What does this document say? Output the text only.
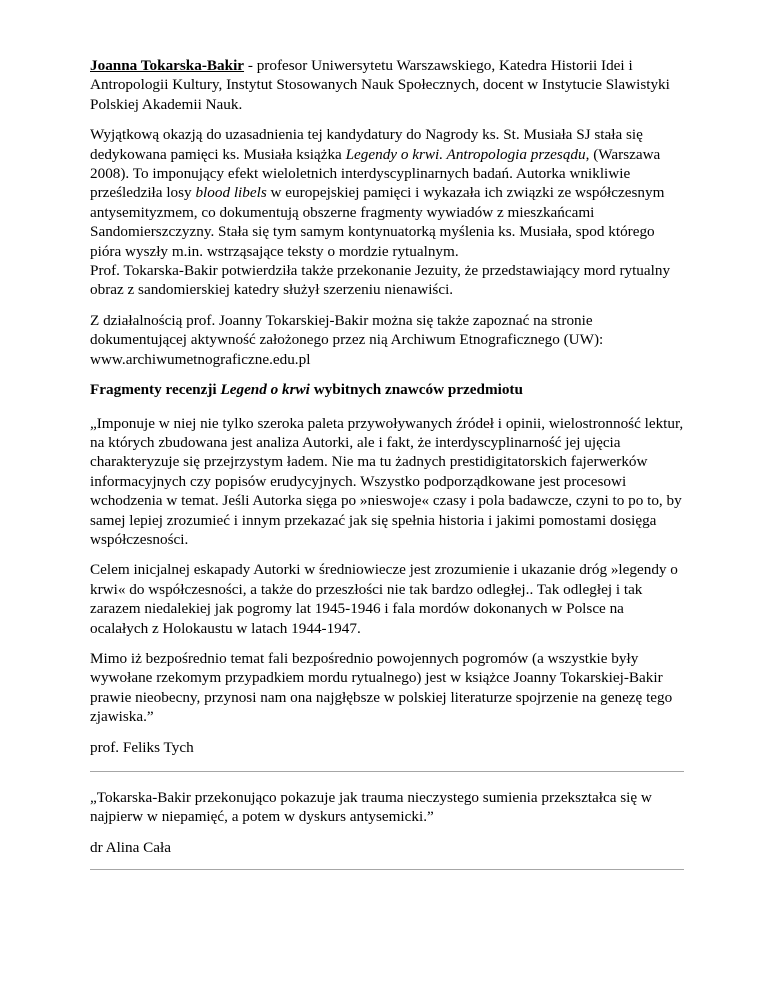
Joanna Tokarska-Bakir - profesor Uniwersytetu Warszawskiego, Katedra Historii Idei i Antropologii Kultury, Instytut Stosowanych Nauk Społecznych, docent w Instytucie Slawistyki Polskiej Akademii Nauk.

Wyjątkową okazją do uzasadnienia tej kandydatury do Nagrody ks. St. Musiała SJ stała się dedykowana pamięci ks. Musiała książka Legendy o krwi. Antropologia przesądu, (Warszawa 2008). To imponujący efekt wieloletnich interdyscyplinarnych badań. Autorka wnikliwie prześledziła losy blood libels w europejskiej pamięci i wykazała ich związki ze współczesnym antysemityzmem, co dokumentują obszerne fragmenty wywiadów z mieszkańcami Sandomierszczyzny. Stała się tym samym kontynuatorką myślenia ks. Musiała, spod którego pióra wyszły m.in. wstrząsające teksty o mordzie rytualnym.
Prof. Tokarska-Bakir potwierdziła także przekonanie Jezuity, że przedstawiający mord rytualny obraz z sandomierskiej katedry służył szerzeniu nienawiści.

Z działalnością prof. Joanny Tokarskiej-Bakir można się także zapoznać na stronie dokumentującej aktywność założonego przez nią Archiwum Etnograficznego (UW):
www.archiwumetnograficzne.edu.pl

Fragmenty recenzji Legend o krwi wybitnych znawców przedmiotu

„Imponuje w niej nie tylko szeroka paleta przywoływanych źródeł i opinii, wielostronność lektur, na których zbudowana jest analiza Autorki, ale i fakt, że interdyscyplinarność jej ujęcia charakteryzuje się przejrzystym ładem. Nie ma tu żadnych prestidigitatorskich fajerwerków informacyjnych czy popisów erudycyjnych. Wszystko podporządkowane jest procesowi wchodzenia w temat. Jeśli Autorka sięga po »nieswoje« czasy i pola badawcze, czyni to po to, by samej lepiej zrozumieć i innym przekazać jak się spełnia historia i jakimi pomostami dosięga współczesności.

Celem inicjalnej eskapady Autorki w średniowiecze jest zrozumienie i ukazanie dróg »legendy o krwi« do współczesności, a także do przeszłości nie tak bardzo odległej.. Tak odległej i tak zarazem niedalekiej jak pogromy lat 1945-1946 i fala mordów dokonanych w Polsce na ocalałych z Holokaustu w latach 1944-1947.

Mimo iż bezpośrednio temat fali bezpośrednio powojennych pogromów (a wszystkie były wywołane rzekomym przypadkiem mordu rytualnego) jest w książce Joanny Tokarskiej-Bakir prawie nieobecny, przynosi nam ona najgłębsze w polskiej literaturze spojrzenie na genezę tego zjawiska.”

prof. Feliks Tych

„Tokarska-Bakir przekonująco pokazuje jak trauma nieczystego sumienia przekształca się w najpierw w niepamięć, a potem w dyskurs antysemicki.”

dr Alina Cała
